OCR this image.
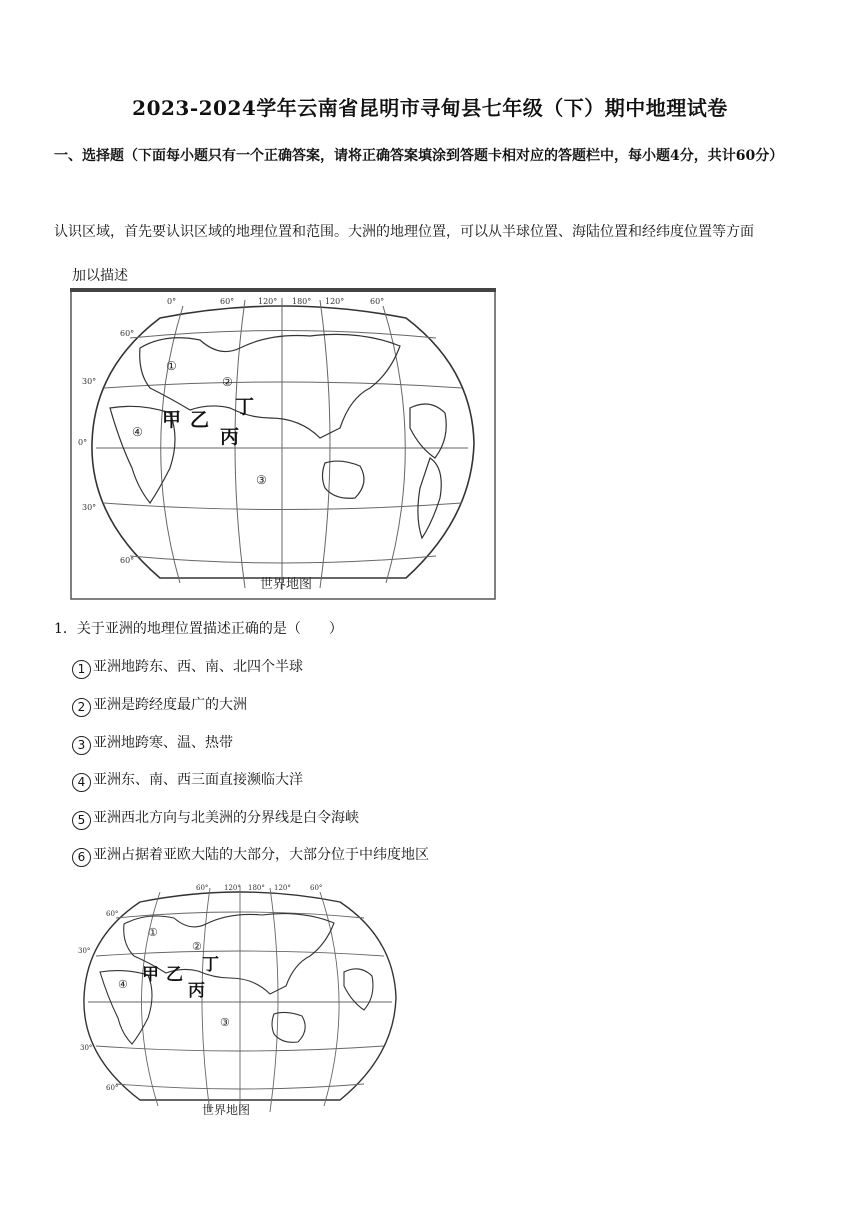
2023-2024学年云南省昆明市寻甸县七年级（下）期中地理试卷
一、选择题（下面每小题只有一个正确答案，请将正确答案填涂到答题卡相对应的答题栏中，每小题4分，共计60分）
认识区域，首先要认识区域的地理位置和范围。大洲的地理位置，可以从半球位置、海陆位置和经纬度位置等方面
加以描述
0°	60°	120° 180° 120°	60°
60°
30°
0°
30°
60°
①
②
③
④
甲 乙
丙
丁
世界地图
1．关于亚洲的地理位置描述正确的是（　　）
1 亚洲地跨东、西、南、北四个半球
2 亚洲是跨经度最广的大洲
3 亚洲地跨寒、温、热带
4 亚洲东、南、西三面直接濒临大洋
5 亚洲西北方向与北美洲的分界线是白令海峡
6 亚洲占据着亚欧大陆的大部分，大部分位于中纬度地区
60° 120° 180° 120°	60°
60°
30°
30°
60°
①
②
③
④ 甲 乙
丙
丁
世界地图
